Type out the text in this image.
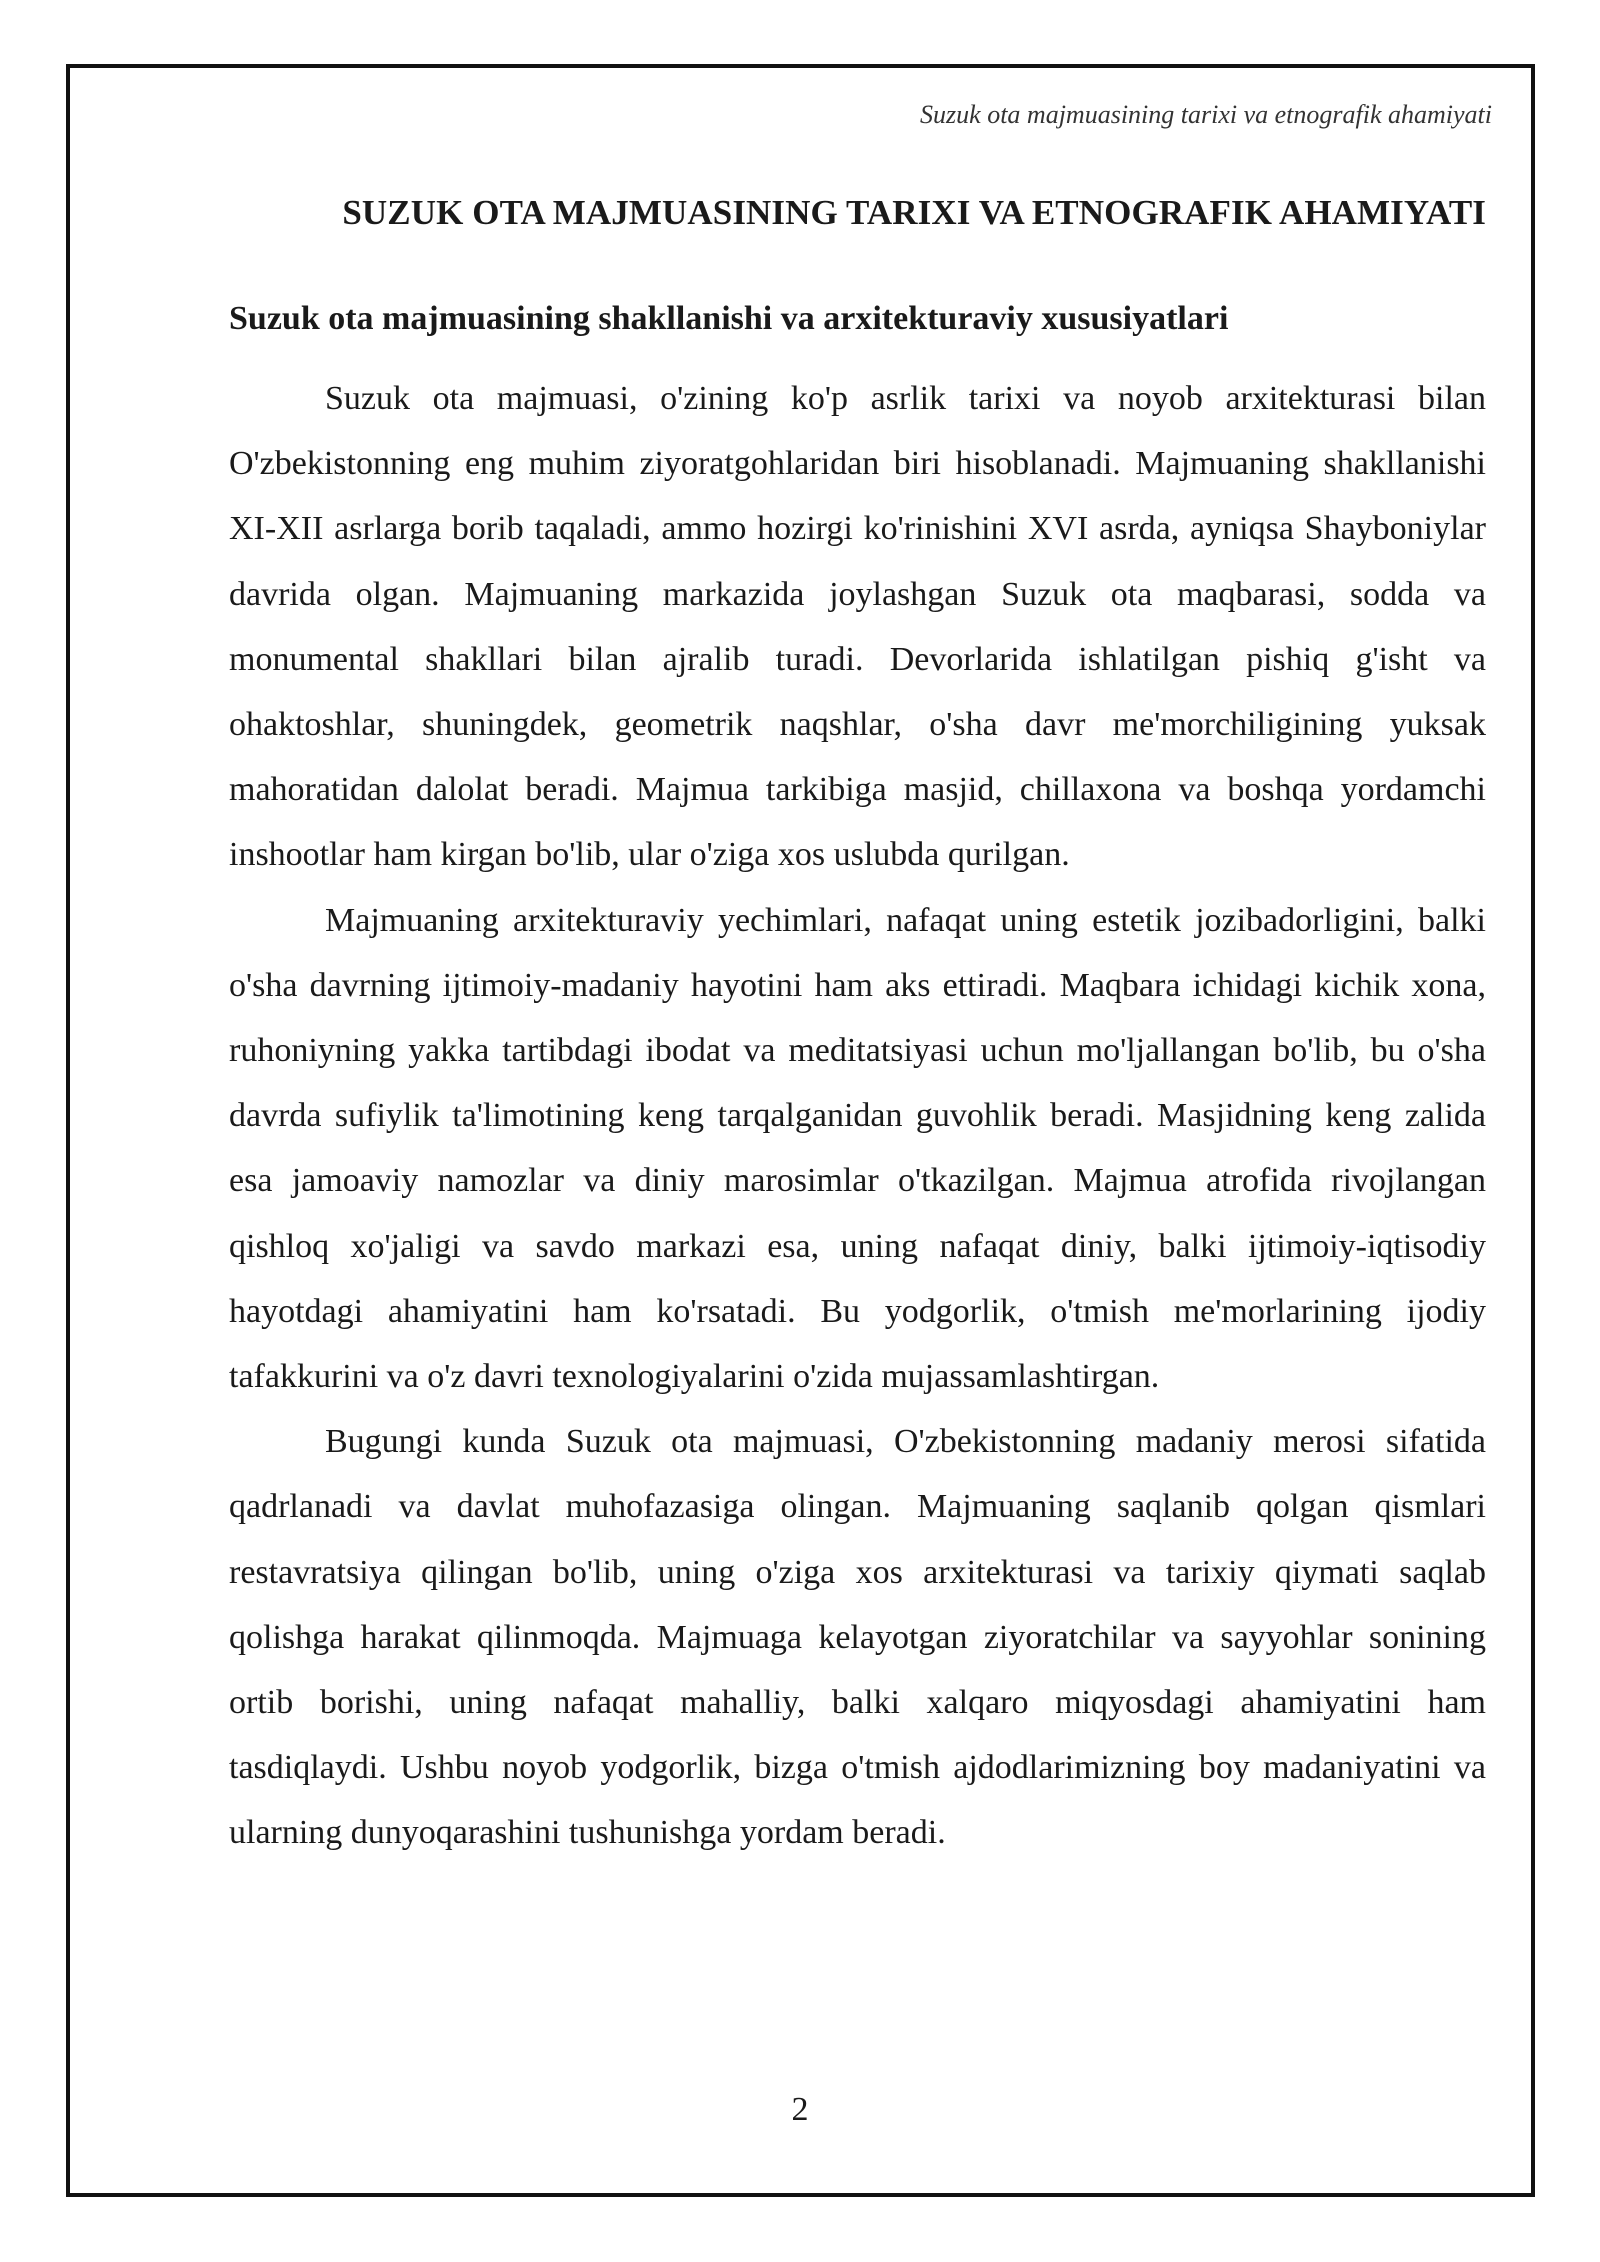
Suzuk ota majmuasining tarixi va etnografik ahamiyati
SUZUK OTA MAJMUASINING TARIXI VA ETNOGRAFIK AHAMIYATI
Suzuk ota majmuasining shakllanishi va arxitekturaviy xususiyatlari

Suzuk ota majmuasi, o'zining ko'p asrlik tarixi va noyob arxitekturasi bilan O'zbekistonning eng muhim ziyoratgohlaridan biri hisoblanadi. Majmuaning shakllanishi XI-XII asrlarga borib taqaladi, ammo hozirgi ko'rinishini XVI asrda, ayniqsa Shayboniylar davrida olgan. Majmuaning markazida joylashgan Suzuk ota maqbarasi, sodda va monumental shakllari bilan ajralib turadi. Devorlarida ishlatilgan pishiq g'isht va ohaktoshlar, shuningdek, geometrik naqshlar, o'sha davr me'morchiligining yuksak mahoratidan dalolat beradi. Majmua tarkibiga masjid, chillaxona va boshqa yordamchi inshootlar ham kirgan bo'lib, ular o'ziga xos uslubda qurilgan.

Majmuaning arxitekturaviy yechimlari, nafaqat uning estetik jozibadorligini, balki o'sha davrning ijtimoiy-madaniy hayotini ham aks ettiradi. Maqbara ichidagi kichik xona, ruhoniyning yakka tartibdagi ibodat va meditatsiyasi uchun mo'ljallangan bo'lib, bu o'sha davrda sufiylik ta'limotining keng tarqalganidan guvohlik beradi. Masjidning keng zalida esa jamoaviy namozlar va diniy marosimlar o'tkazilgan. Majmua atrofida rivojlangan qishloq xo'jaligi va savdo markazi esa, uning nafaqat diniy, balki ijtimoiy-iqtisodiy hayotdagi ahamiyatini ham ko'rsatadi. Bu yodgorlik, o'tmish me'morlarining ijodiy tafakkurini va o'z davri texnologiyalarini o'zida mujassamlashtirgan.

Bugungi kunda Suzuk ota majmuasi, O'zbekistonning madaniy merosi sifatida qadrlanadi va davlat muhofazasiga olingan. Majmuaning saqlanib qolgan qismlari restavratsiya qilingan bo'lib, uning o'ziga xos arxitekturasi va tarixiy qiymati saqlab qolishga harakat qilinmoqda. Majmuaga kelayotgan ziyoratchilar va sayyohlar sonining ortib borishi, uning nafaqat mahalliy, balki xalqaro miqyosdagi ahamiyatini ham tasdiqlaydi. Ushbu noyob yodgorlik, bizga o'tmish ajdodlarimizning boy madaniyatini va ularning dunyoqarashini tushunishga yordam beradi.

2
